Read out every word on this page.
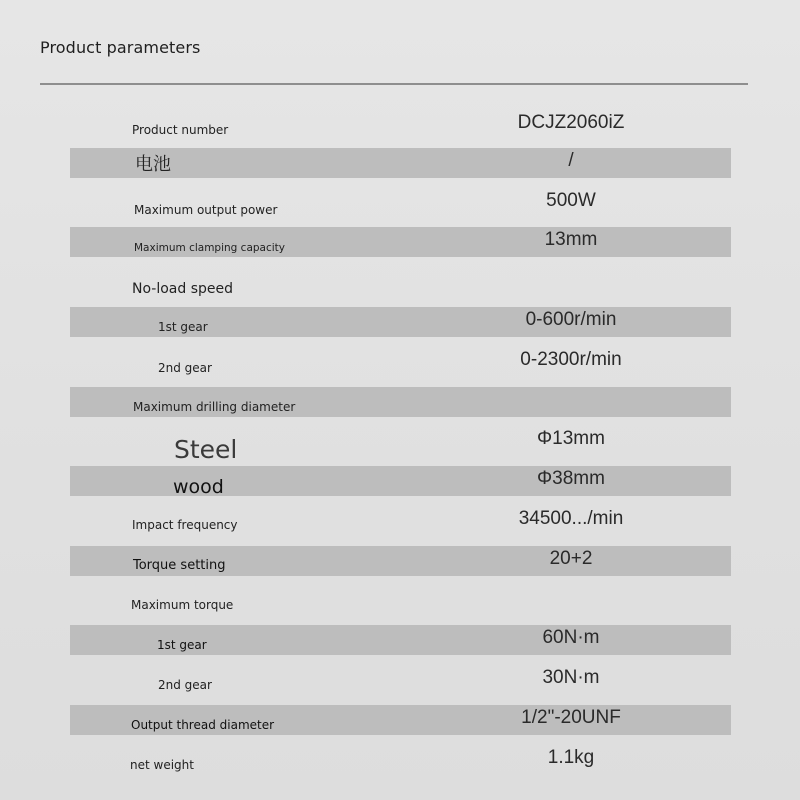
Product parameters
Product number	DCJZ2060iZ
电池	/
Maximum output power	500W
Maximum clamping capacity	13mm
No-load speed
1st gear	0-600r/min
2nd gear	0-2300r/min
Maximum drilling diameter
Steel	Φ13mm
wood	Φ38mm
Impact frequency	34500.../min
Torque setting	20+2
Maximum torque
1st gear	60N·m
2nd gear	30N·m
Output thread diameter	1/2"-20UNF
net weight	1.1kg
